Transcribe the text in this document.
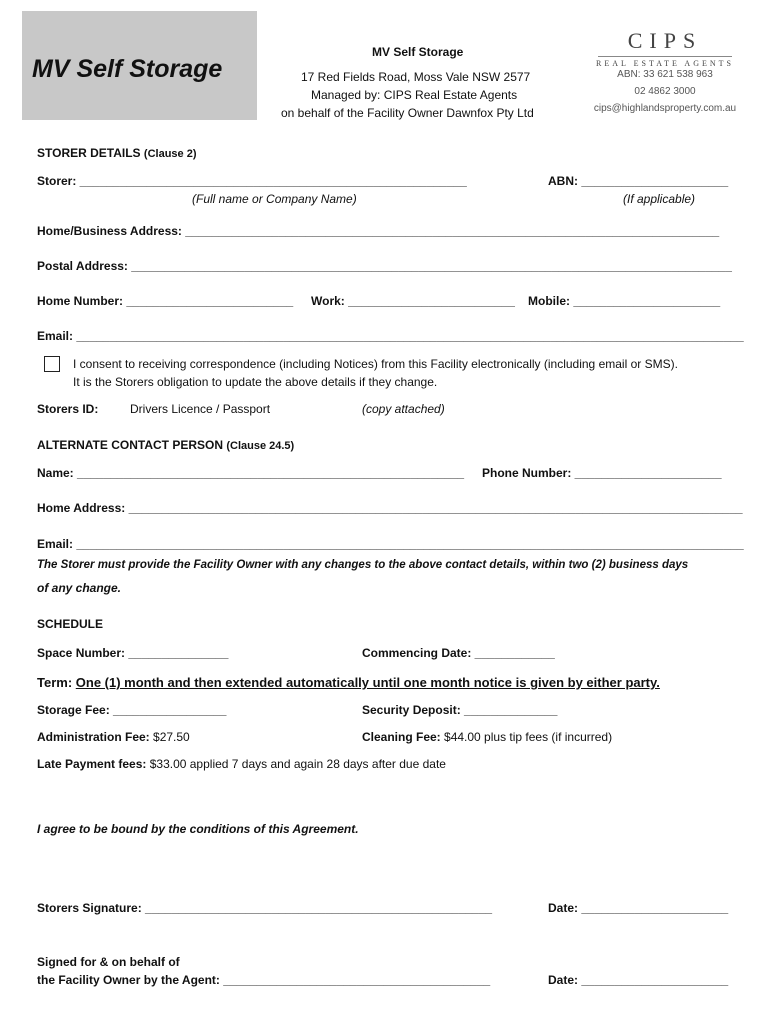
MV Self Storage
MV Self Storage
17 Red Fields Road, Moss Vale NSW 2577
Managed by: CIPS Real Estate Agents
on behalf of the Facility Owner Dawnfox Pty Ltd
CIPS
REAL ESTATE AGENTS
ABN: 33 621 538 963
02 4862 3000
cips@highlandsproperty.com.au
STORER DETAILS (Clause 2)
Storer: __________________________________________________________	ABN: ______________________
(Full name or Company Name)	(If applicable)
Home/Business Address: ________________________________________________________________________________
Postal Address: __________________________________________________________________________________________
Home Number: _________________________ Work: _________________________ Mobile: ______________________
Email: ____________________________________________________________________________________________________
I consent to receiving correspondence (including Notices) from this Facility electronically (including email or SMS).
It is the Storers obligation to update the above details if they change.
Storers ID:	Drivers Licence / Passport	(copy attached)
ALTERNATE CONTACT PERSON (Clause 24.5)
Name: __________________________________________________________ Phone Number: ______________________
Home Address: ____________________________________________________________________________________________
Email: ____________________________________________________________________________________________________
The Storer must provide the Facility Owner with any changes to the above contact details, within two (2) business days
of any change.
SCHEDULE
Space Number: _______________	Commencing Date: ____________
Term: One (1) month and then extended automatically until one month notice is given by either party.
Storage Fee: _________________	Security Deposit: ______________
Administration Fee: $27.50	Cleaning Fee: $44.00 plus tip fees (if incurred)
Late Payment fees: $33.00 applied 7 days and again 28 days after due date
I agree to be bound by the conditions of this Agreement.
Storers Signature: ____________________________________________________	Date: ______________________
Signed for & on behalf of
the Facility Owner by the Agent: ________________________________________	Date: ______________________
